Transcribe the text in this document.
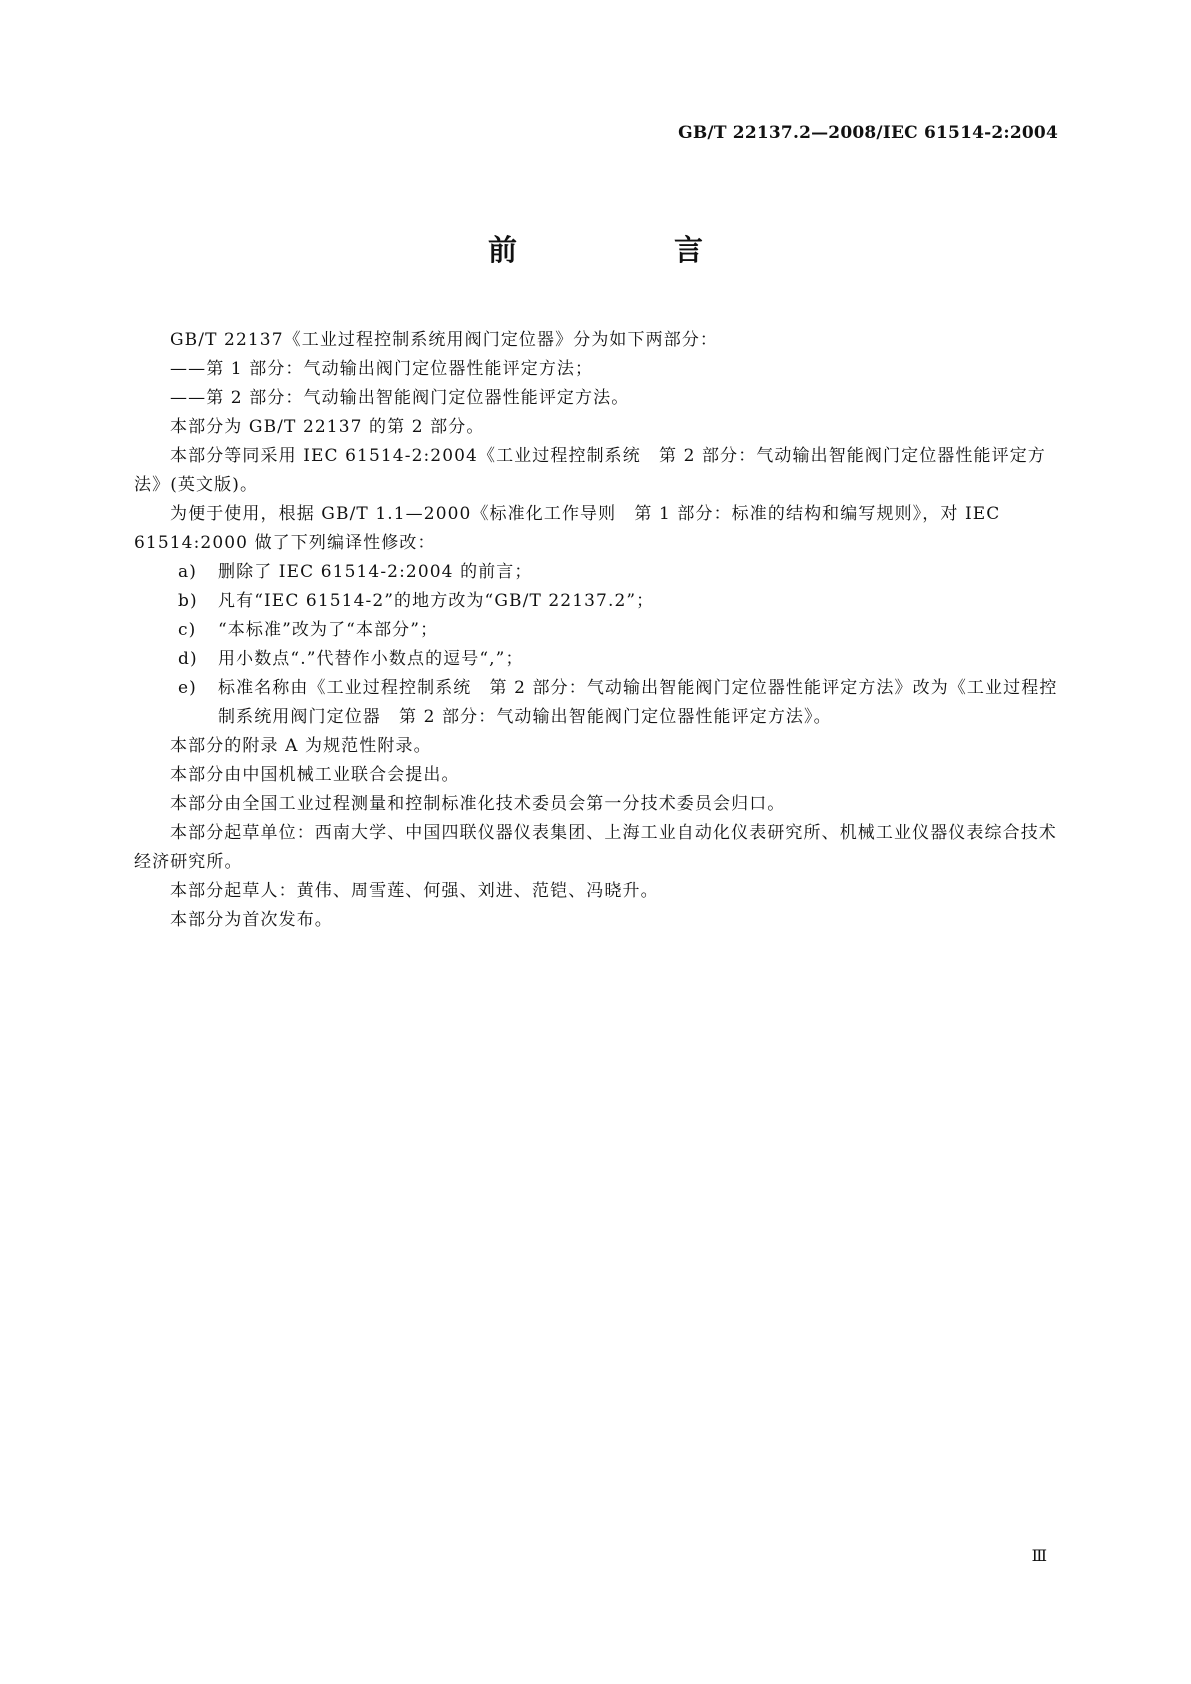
GB/T 22137.2—2008/IEC 61514-2:2004
前　言

GB/T 22137《工业过程控制系统用阀门定位器》分为如下两部分：

——第 1 部分：气动输出阀门定位器性能评定方法；

——第 2 部分：气动输出智能阀门定位器性能评定方法。

本部分为 GB/T 22137 的第 2 部分。

本部分等同采用 IEC 61514-2:2004《工业过程控制系统　第 2 部分：气动输出智能阀门定位器性能评定方法》(英文版)。

为便于使用，根据 GB/T 1.1—2000《标准化工作导则　第 1 部分：标准的结构和编写规则》，对 IEC 61514:2000 做了下列编译性修改：

a) 删除了 IEC 61514-2:2004 的前言；
b) 凡有“IEC 61514-2”的地方改为“GB/T 22137.2”；
c) “本标准”改为了“本部分”；
d) 用小数点“.”代替作小数点的逗号“,”；
e) 标准名称由《工业过程控制系统　第 2 部分：气动输出智能阀门定位器性能评定方法》改为《工业过程控制系统用阀门定位器　第 2 部分：气动输出智能阀门定位器性能评定方法》。

本部分的附录 A 为规范性附录。

本部分由中国机械工业联合会提出。

本部分由全国工业过程测量和控制标准化技术委员会第一分技术委员会归口。

本部分起草单位：西南大学、中国四联仪器仪表集团、上海工业自动化仪表研究所、机械工业仪器仪表综合技术经济研究所。

本部分起草人：黄伟、周雪莲、何强、刘进、范铠、冯晓升。

本部分为首次发布。

Ⅲ
